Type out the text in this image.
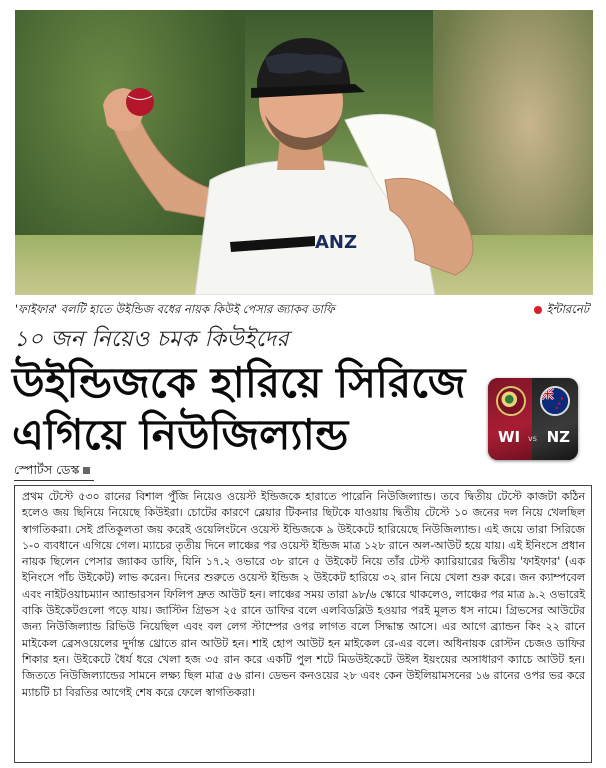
ANZ
'ফাইফার' বলটি হাতে উইন্ডিজ বধের নায়ক কিউই পেসার জ্যাকব ডাফি	ইন্টারনেট
১০ জন নিয়েও চমক কিউইদের
উইন্ডিজকে হারিয়ে সিরিজে এগিয়ে নিউজিল্যান্ড	WI vs NZ
স্পোর্টস ডেস্ক

প্রথম টেস্টে ৫৩০ রানের বিশাল পুঁজি নিয়েও ওয়েস্ট ইন্ডিজকে হারাতে পারেনি নিউজিল্যান্ড। তবে দ্বিতীয় টেস্টে কাজটা কঠিন হলেও জয় ছিনিয়ে নিয়েছে কিউইরা। চোটের কারণে ব্লেয়ার টিকনার ছিটকে যাওয়ায় দ্বিতীয় টেস্টে ১০ জনের দল নিয়ে খেলছিল স্বাগতিকরা। সেই প্রতিকূলতা জয় করেই ওয়েলিংটনে ওয়েস্ট ইন্ডিজকে ৯ উইকেটে হারিয়েছে নিউজিল্যান্ড। এই জয়ে তারা সিরিজে ১-০ ব্যবধানে এগিয়ে গেল। ম্যাচের তৃতীয় দিনে লাঞ্চের পর ওয়েস্ট ইন্ডিজ মাত্র ১২৮ রানে অল-আউট হয়ে যায়। এই ইনিংসে প্রধান নায়ক ছিলেন পেসার জ্যাকব ডাফি, যিনি ১৭.২ ওভারে ৩৮ রানে ৫ উইকেট নিয়ে তাঁর টেস্ট ক্যারিয়ারের দ্বিতীয় 'ফাইফার' (এক ইনিংসে পাঁচ উইকেট) লাভ করেন। দিনের শুরুতে ওয়েস্ট ইন্ডিজ ২ উইকেট হারিয়ে ৩২ রান নিয়ে খেলা শুরু করে। জন ক্যাম্পবেল এবং নাইটওয়াচম্যান অ্যান্ডারসন ফিলিপ দ্রুত আউট হন। লাঞ্চের সময় তারা ৯৮/৬ স্কোরে থাকলেও, লাঞ্চের পর মাত্র ৯.২ ওভারেই বাকি উইকেটগুলো পড়ে যায়। জাস্টিন গ্রিভস ২৫ রানে ডাফির বলে এলবিডব্লিউ হওয়ার পরই মূলত ধস নামে। গ্রিভসের আউটের জন্য নিউজিল্যান্ড রিভিউ নিয়েছিল এবং বল লেগ স্টাম্পের ওপর লাগত বলে সিদ্ধান্ত আসে। এর আগে ব্র্যান্ডন কিং ২২ রানে মাইকেল ব্রেসওয়েলের দুর্দান্ত থ্রোতে রান আউট হন। শাই হোপ আউট হন মাইকেল রে-এর বলে। অধিনায়ক রোস্টন চেজও ডাফির শিকার হন। উইকেটে ধৈর্য ধরে খেলা হজ ৩৫ রান করে একটি পুল শটে মিডউইকেটে উইল ইয়ংয়ের অসাধারণ ক্যাচে আউট হন। জিততে নিউজিল্যান্ডের সামনে লক্ষ্য ছিল মাত্র ৫৬ রান। ডেভন কনওয়ের ২৮ এবং কেন উইলিয়ামসনের ১৬ রানের ওপর ভর করে ম্যাচটি চা বিরতির আগেই শেষ করে ফেলে স্বাগতিকরা।
